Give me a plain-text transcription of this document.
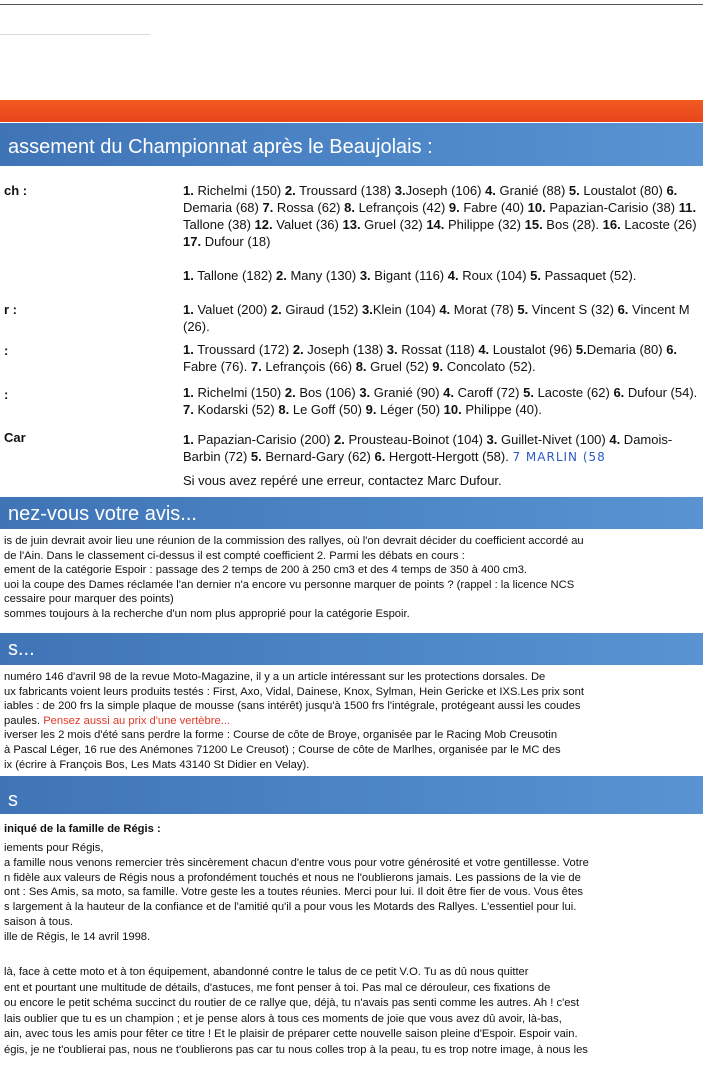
assement du Championnat après le Beaujolais :
ch :	1. Richelmi (150) 2. Troussard (138) 3.Joseph (106) 4. Granié (88) 5. Loustalot (80) 6. Demaria (68) 7. Rossa (62) 8. Lefrançois (42) 9. Fabre (40) 10. Papazian-Carisio (38) 11. Tallone (38) 12. Valuet (36) 13. Gruel (32) 14. Philippe (32) 15. Bos (28). 16. Lacoste (26) 17. Dufour (18)
1. Tallone (182) 2. Many (130) 3. Bigant (116) 4. Roux (104) 5. Passaquet (52).
r :	1. Valuet (200) 2. Giraud (152) 3.Klein (104) 4. Morat (78) 5. Vincent S (32) 6. Vincent M (26).
:	1. Troussard (172) 2. Joseph (138) 3. Rossat (118) 4. Loustalot (96) 5.Demaria (80) 6. Fabre (76). 7. Lefrançois (66) 8. Gruel (52) 9. Concolato (52).
:	1. Richelmi (150) 2. Bos (106) 3. Granié (90) 4. Caroff (72) 5. Lacoste (62) 6. Dufour (54). 7. Kodarski (52) 8. Le Goff (50) 9. Léger (50) 10. Philippe (40).
Car	1. Papazian-Carisio (200) 2. Prousteau-Boinot (104) 3. Guillet-Nivet (100) 4. Damois-Barbin (72) 5. Bernard-Gary (62) 6. Hergott-Hergott (58). 7 MARLIN (58
Si vous avez repéré une erreur, contactez Marc Dufour.
nez-vous votre avis...
is de juin devrait avoir lieu une réunion de la commission des rallyes, où l'on devrait décider du coefficient accordé au
de l'Ain. Dans le classement ci-dessus il est compté coefficient 2. Parmi les débats en cours :
ement de la catégorie Espoir : passage des 2 temps de 200 à 250 cm3 et des 4 temps de 350 à 400 cm3.
uoi la coupe des Dames réclamée l'an dernier n'a encore vu personne marquer de points ? (rappel : la licence NCS
cessaire pour marquer des points)
sommes toujours à la recherche d'un nom plus approprié pour la catégorie Espoir.
s...
numéro 146 d'avril 98 de la revue Moto-Magazine, il y a un article intéressant sur les protections dorsales. De
ux fabricants voient leurs produits testés : First, Axo, Vidal, Dainese, Knox, Sylman, Hein Gericke et IXS.Les prix sont
iables : de 200 frs la simple plaque de mousse (sans intérêt) jusqu'à 1500 frs l'intégrale, protégeant aussi les coudes
paules. Pensez aussi au prix d'une vertèbre...
iverser les 2 mois d'été sans perdre la forme : Course de côte de Broye, organisée par le Racing Mob Creusotin
à Pascal Léger, 16 rue des Anémones 71200 Le Creusot) ; Course de côte de Marlhes, organisée par le MC des
ix (écrire à François Bos, Les Mats 43140 St Didier en Velay).
s
iniqué de la famille de Régis :
iements pour Régis,
a famille nous venons remercier très sincèrement chacun d'entre vous pour votre générosité et votre gentillesse. Votre
n fidèle aux valeurs de Régis nous a profondément touchés et nous ne l'oublierons jamais. Les passions de la vie de
ont : Ses Amis, sa moto, sa famille. Votre geste les a toutes réunies. Merci pour lui. Il doit être fier de vous. Vous êtes
s largement à la hauteur de la confiance et de l'amitié qu'il a pour vous les Motards des Rallyes. L'essentiel pour lui.
saison à tous.
ille de Régis, le 14 avril 1998.
là, face à cette moto et à ton équipement, abandonné contre le talus de ce petit V.O. Tu as dû nous quitter
ent et pourtant une multitude de détails, d'astuces, me font penser à toi. Pas mal ce dérouleur, ces fixations de
ou encore le petit schéma succinct du routier de ce rallye que, déjà, tu n'avais pas senti comme les autres. Ah ! c'est
lais oublier que tu es un champion ; et je pense alors à tous ces moments de joie que vous avez dû avoir, là-bas,
ain, avec tous les amis pour fêter ce titre ! Et le plaisir de préparer cette nouvelle saison pleine d'Espoir. Espoir vain.
égis, je ne t'oublierai pas, nous ne t'oublierons pas car tu nous colles trop à la peau, tu es trop notre image, à nous les
